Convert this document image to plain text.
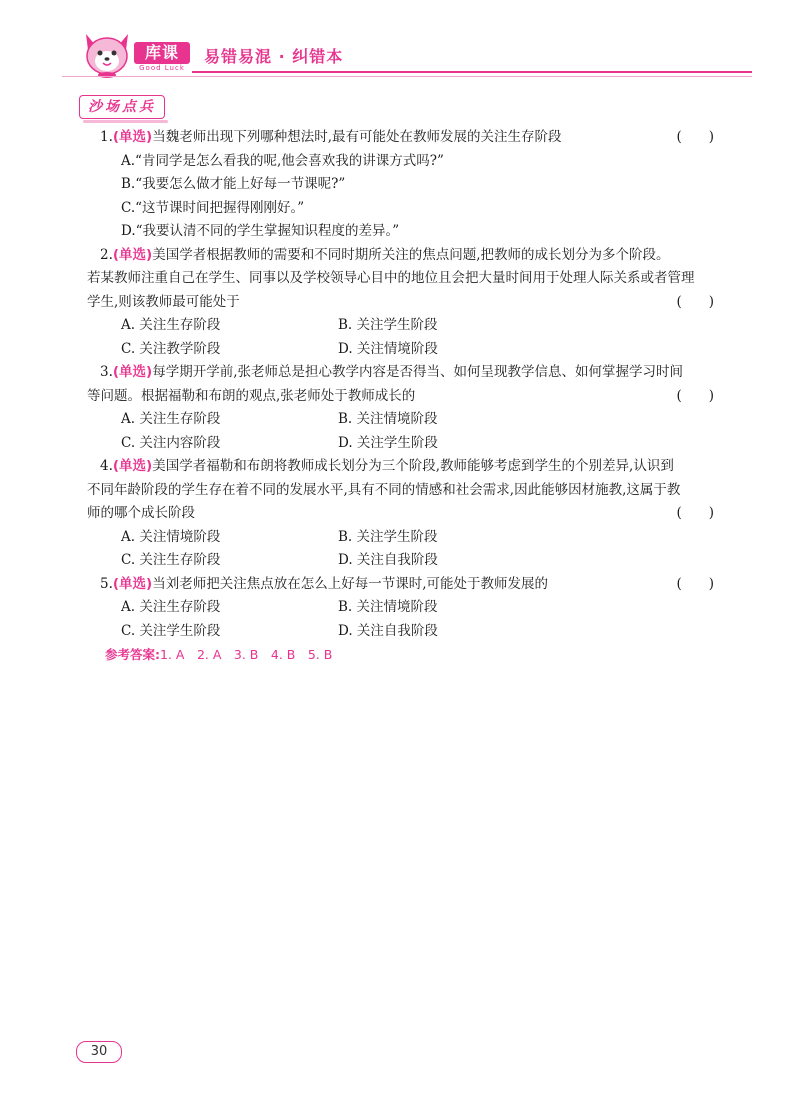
库课
Good Luck
易错易混 · 纠错本
沙场点兵
1.(单选)当魏老师出现下列哪种想法时,最有可能处在教师发展的关注生存阶段	(　　)
A.“肯同学是怎么看我的呢,他会喜欢我的讲课方式吗?”
B.“我要怎么做才能上好每一节课呢?”
C.“这节课时间把握得刚刚好。”
D.“我要认清不同的学生掌握知识程度的差异。”
2.(单选)美国学者根据教师的需要和不同时期所关注的焦点问题,把教师的成长划分为多个阶段。
若某教师注重自己在学生、同事以及学校领导心目中的地位且会把大量时间用于处理人际关系或者管理
学生,则该教师最可能处于	(　　)
A. 关注生存阶段	B. 关注学生阶段
C. 关注教学阶段	D. 关注情境阶段
3.(单选)每学期开学前,张老师总是担心教学内容是否得当、如何呈现教学信息、如何掌握学习时间
等问题。根据福勒和布朗的观点,张老师处于教师成长的	(　　)
A. 关注生存阶段	B. 关注情境阶段
C. 关注内容阶段	D. 关注学生阶段
4.(单选)美国学者福勒和布朗将教师成长划分为三个阶段,教师能够考虑到学生的个别差异,认识到
不同年龄阶段的学生存在着不同的发展水平,具有不同的情感和社会需求,因此能够因材施教,这属于教
师的哪个成长阶段	(　　)
A. 关注情境阶段	B. 关注学生阶段
C. 关注生存阶段	D. 关注自我阶段
5.(单选)当刘老师把关注焦点放在怎么上好每一节课时,可能处于教师发展的	(　　)
A. 关注生存阶段	B. 关注情境阶段
C. 关注学生阶段	D. 关注自我阶段
参考答案:1. A　2. A　3. B　4. B　5. B
30
